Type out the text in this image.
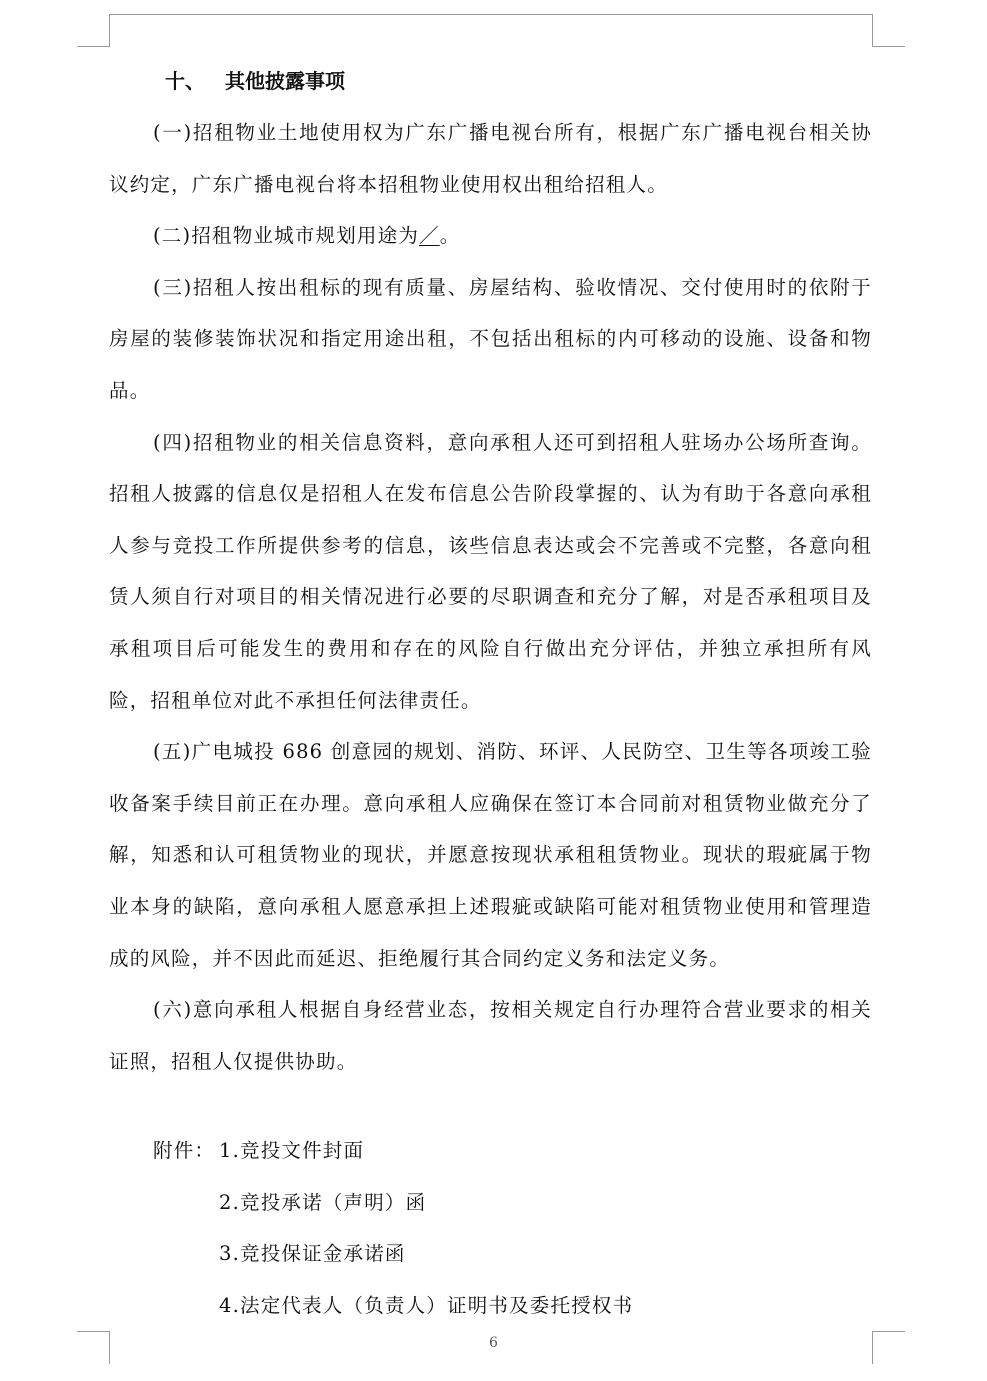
十、 其他披露事项

(一)招租物业土地使用权为广东广播电视台所有，根据广东广播电视台相关协议约定，广东广播电视台将本招租物业使用权出租给招租人。

(二)招租物业城市规划用途为／。

(三)招租人按出租标的现有质量、房屋结构、验收情况、交付使用时的依附于房屋的装修装饰状况和指定用途出租，不包括出租标的内可移动的设施、设备和物品。

(四)招租物业的相关信息资料，意向承租人还可到招租人驻场办公场所查询。招租人披露的信息仅是招租人在发布信息公告阶段掌握的、认为有助于各意向承租人参与竞投工作所提供参考的信息，该些信息表达或会不完善或不完整，各意向租赁人须自行对项目的相关情况进行必要的尽职调查和充分了解，对是否承租项目及承租项目后可能发生的费用和存在的风险自行做出充分评估，并独立承担所有风险，招租单位对此不承担任何法律责任。

(五)广电城投 686 创意园的规划、消防、环评、人民防空、卫生等各项竣工验收备案手续目前正在办理。意向承租人应确保在签订本合同前对租赁物业做充分了解，知悉和认可租赁物业的现状，并愿意按现状承租租赁物业。现状的瑕疵属于物业本身的缺陷，意向承租人愿意承担上述瑕疵或缺陷可能对租赁物业使用和管理造成的风险，并不因此而延迟、拒绝履行其合同约定义务和法定义务。

(六)意向承租人根据自身经营业态，按相关规定自行办理符合营业要求的相关证照，招租人仅提供协助。

附件： 1.竞投文件封面
2.竞投承诺（声明）函
3.竞投保证金承诺函
4.法定代表人（负责人）证明书及委托授权书
6
